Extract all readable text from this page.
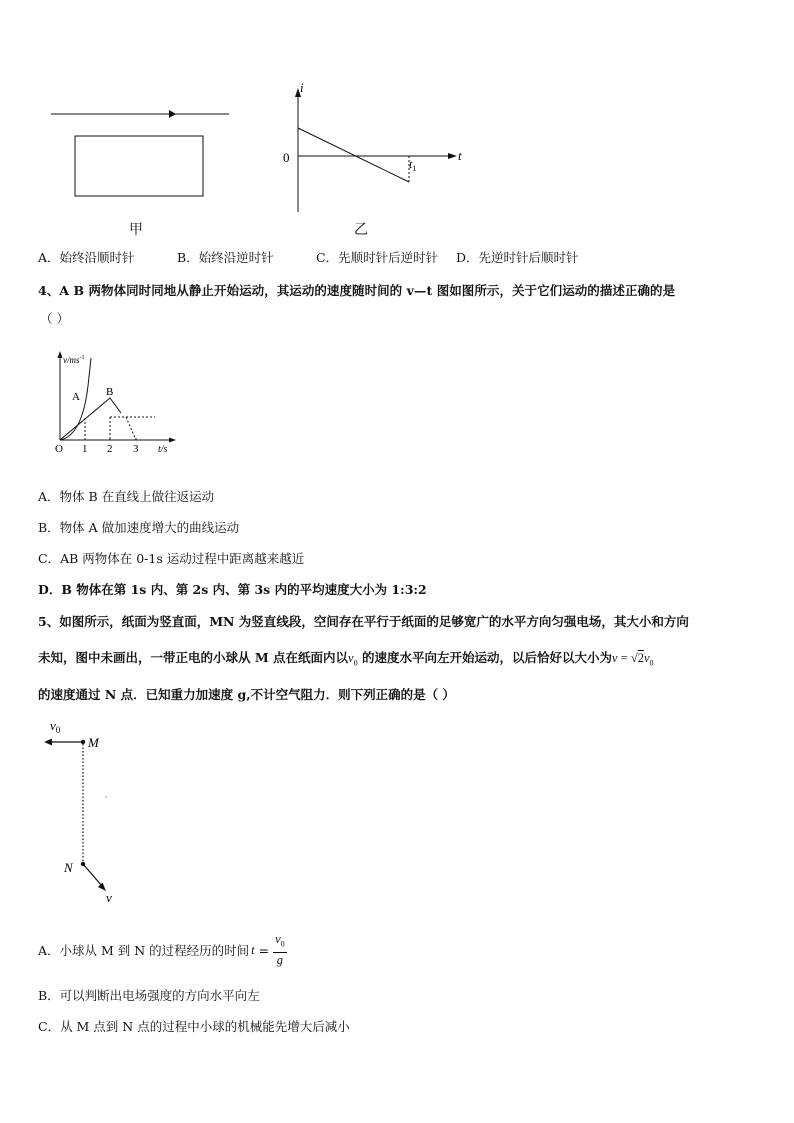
甲
i
t
0	$t_1$
乙
A．始终沿顺时针	B．始终沿逆时针	C．先顺时针后逆时针 D．先逆时针后顺时针
4、A B 两物体同时同地从静止开始运动，其运动的速度随时间的 v—t 图如图所示，关于它们运动的描述正确的是
（ ）
$v/ms^{-1}$
A B
O 1 2 3 t/s
A．物体 B 在直线上做往返运动
B．物体 A 做加速度增大的曲线运动
C．AB 两物体在 0-1s 运动过程中距离越来越近
D．B 物体在第 1s 内、第 2s 内、第 3s 内的平均速度大小为 1:3:2
5、如图所示，纸面为竖直面，MN 为竖直线段，空间存在平行于纸面的足够宽广的水平方向匀强电场，其大小和方向
未知，图中未画出，一带正电的小球从 M 点在纸面内以$v_0$ 的速度水平向左开始运动，以后恰好以大小为$v = √2v_0$
的速度通过 N 点．已知重力加速度 g,不计空气阻力．则下列正确的是（ ）
$v_0$
M
N
v
A．小球从 M 到 N 的过程经历的时间 $t = \frac{v_0}{g}$
B．可以判断出电场强度的方向水平向左
C．从 M 点到 N 点的过程中小球的机械能先增大后减小
